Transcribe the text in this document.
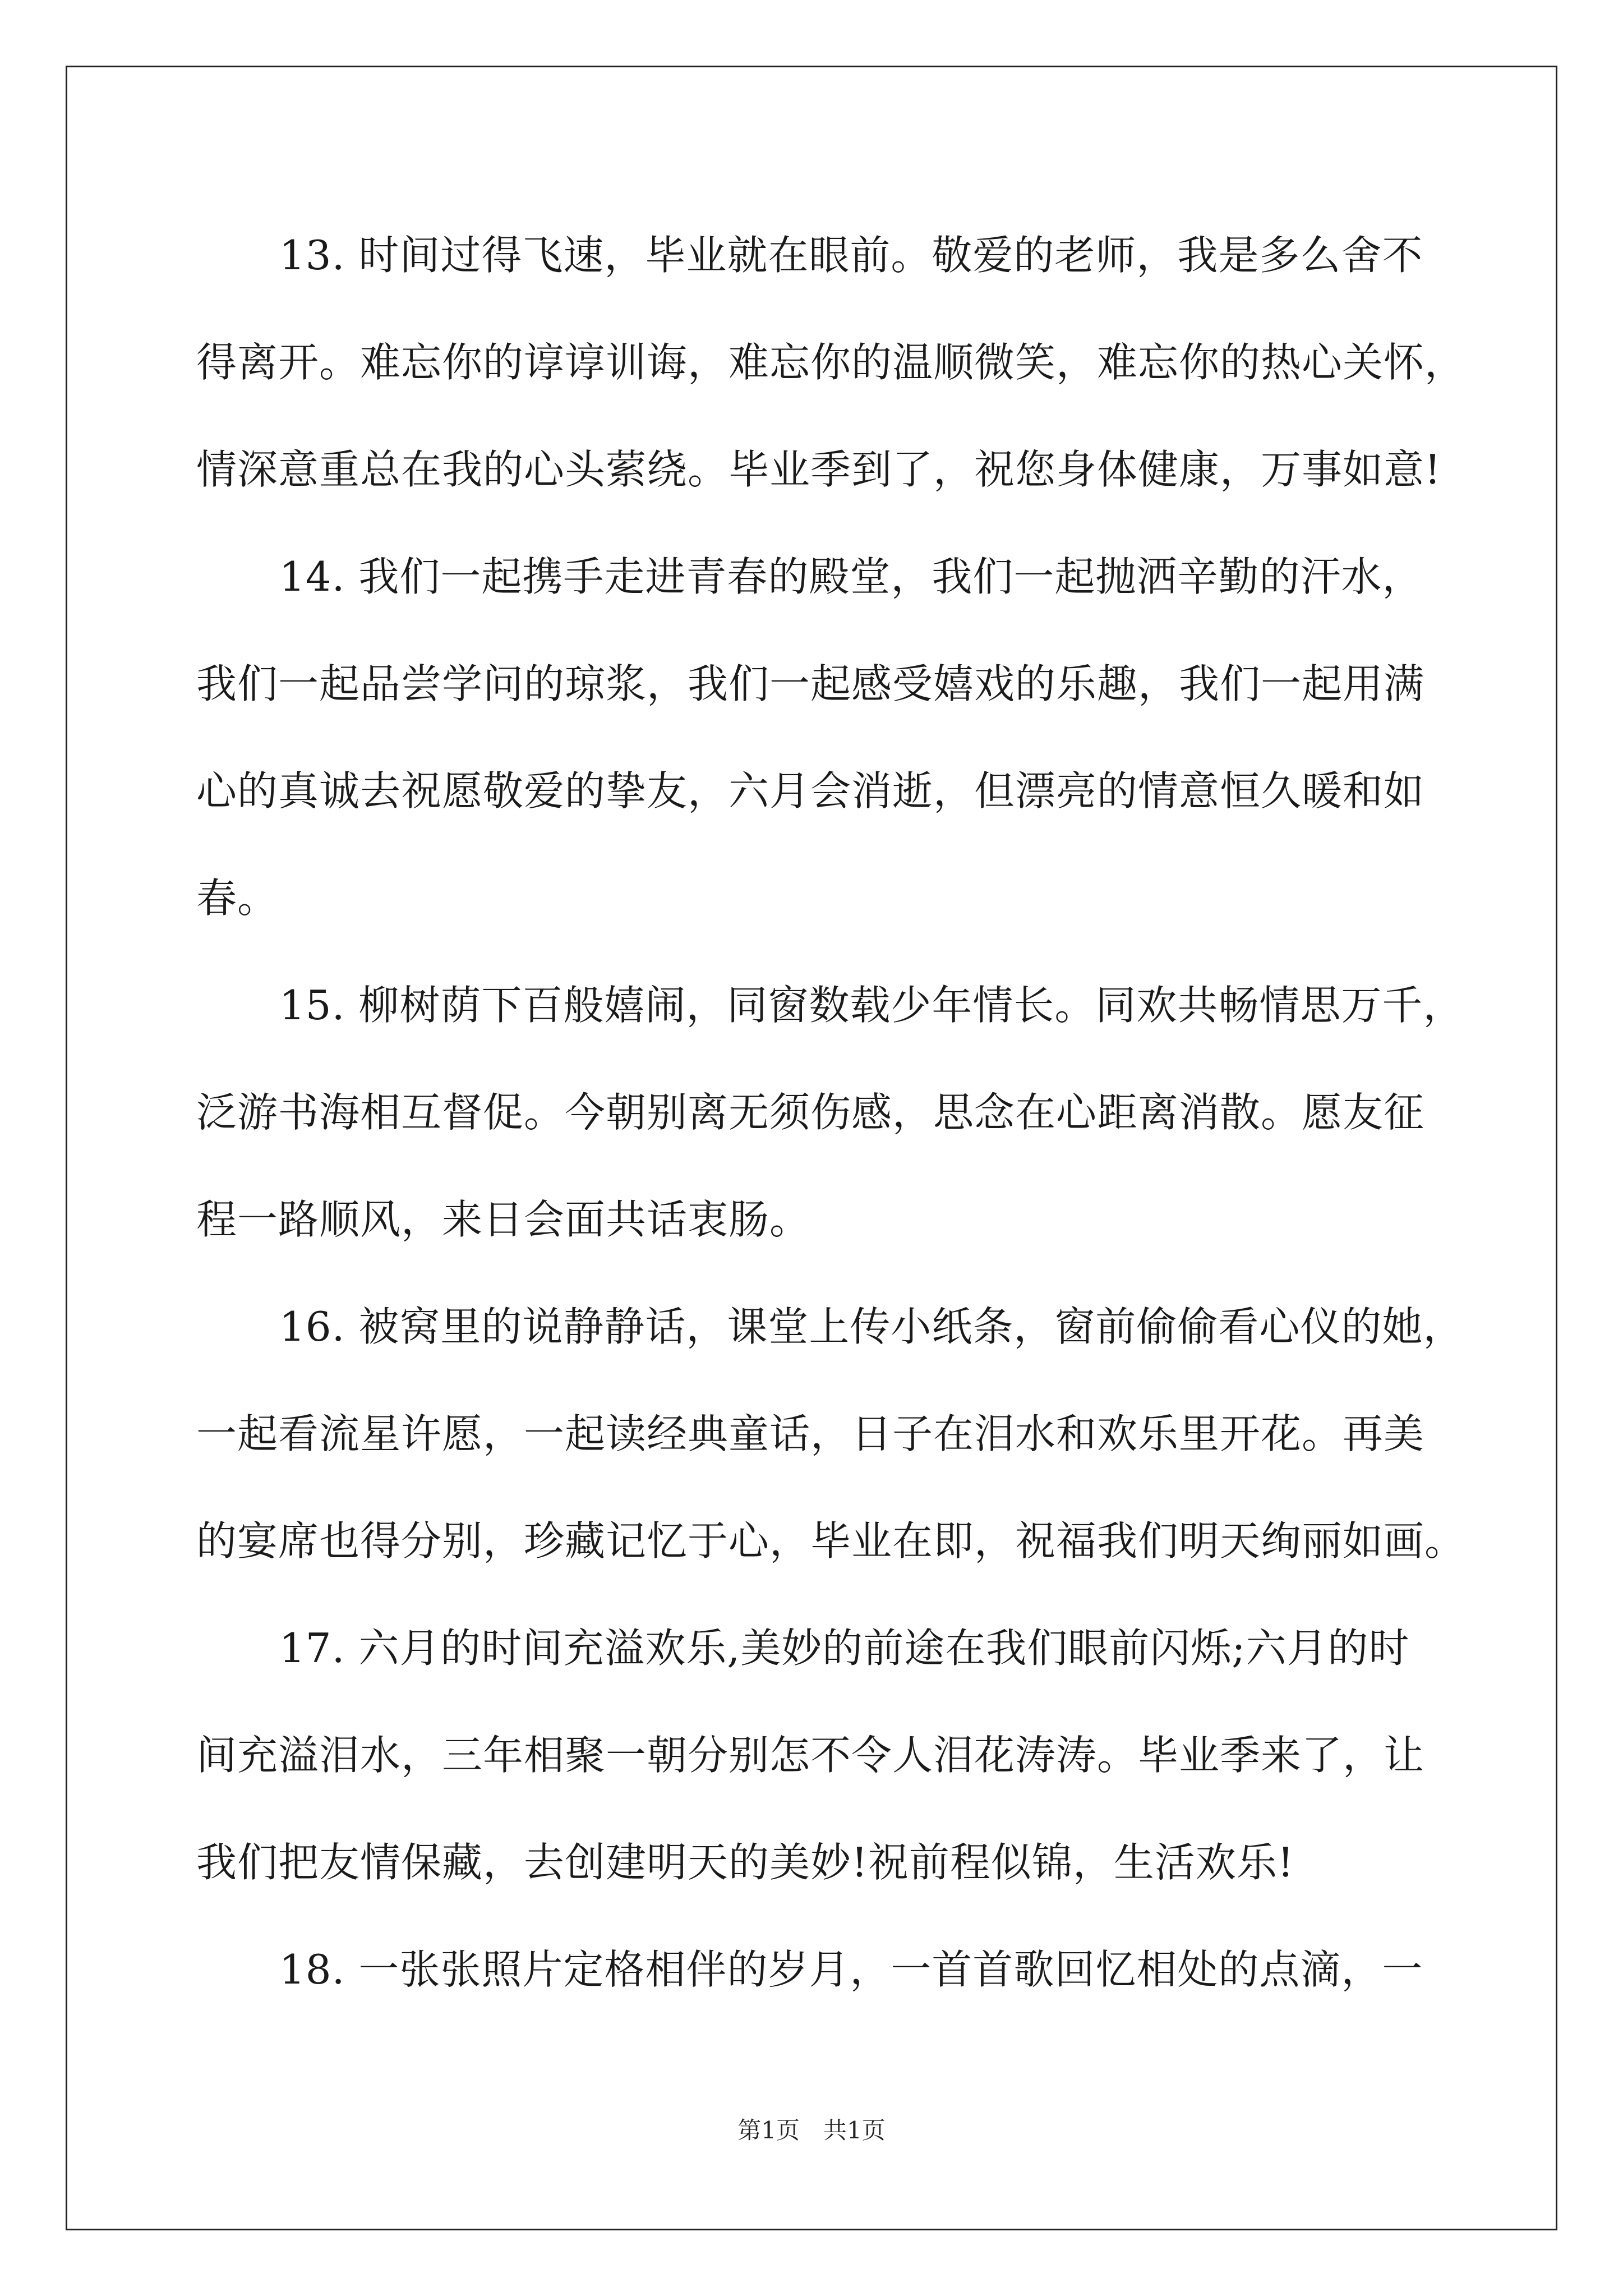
13. 时间过得飞速，毕业就在眼前。敬爱的老师，我是多么舍不
得离开。难忘你的谆谆训诲，难忘你的温顺微笑，难忘你的热心关怀，
情深意重总在我的心头萦绕。毕业季到了，祝您身体健康，万事如意!

14. 我们一起携手走进青春的殿堂，我们一起抛洒辛勤的汗水，
我们一起品尝学问的琼浆，我们一起感受嬉戏的乐趣，我们一起用满
心的真诚去祝愿敬爱的挚友，六月会消逝，但漂亮的情意恒久暖和如
春。

15. 柳树荫下百般嬉闹，同窗数载少年情长。同欢共畅情思万千，
泛游书海相互督促。今朝别离无须伤感，思念在心距离消散。愿友征
程一路顺风，来日会面共话衷肠。

16. 被窝里的说静静话，课堂上传小纸条，窗前偷偷看心仪的她，
一起看流星许愿，一起读经典童话，日子在泪水和欢乐里开花。再美
的宴席也得分别，珍藏记忆于心，毕业在即，祝福我们明天绚丽如画。

17. 六月的时间充溢欢乐,美妙的前途在我们眼前闪烁;六月的时
间充溢泪水，三年相聚一朝分别怎不令人泪花涛涛。毕业季来了，让
我们把友情保藏，去创建明天的美妙!祝前程似锦，生活欢乐!

18. 一张张照片定格相伴的岁月，一首首歌回忆相处的点滴，一

第1页　共1页
